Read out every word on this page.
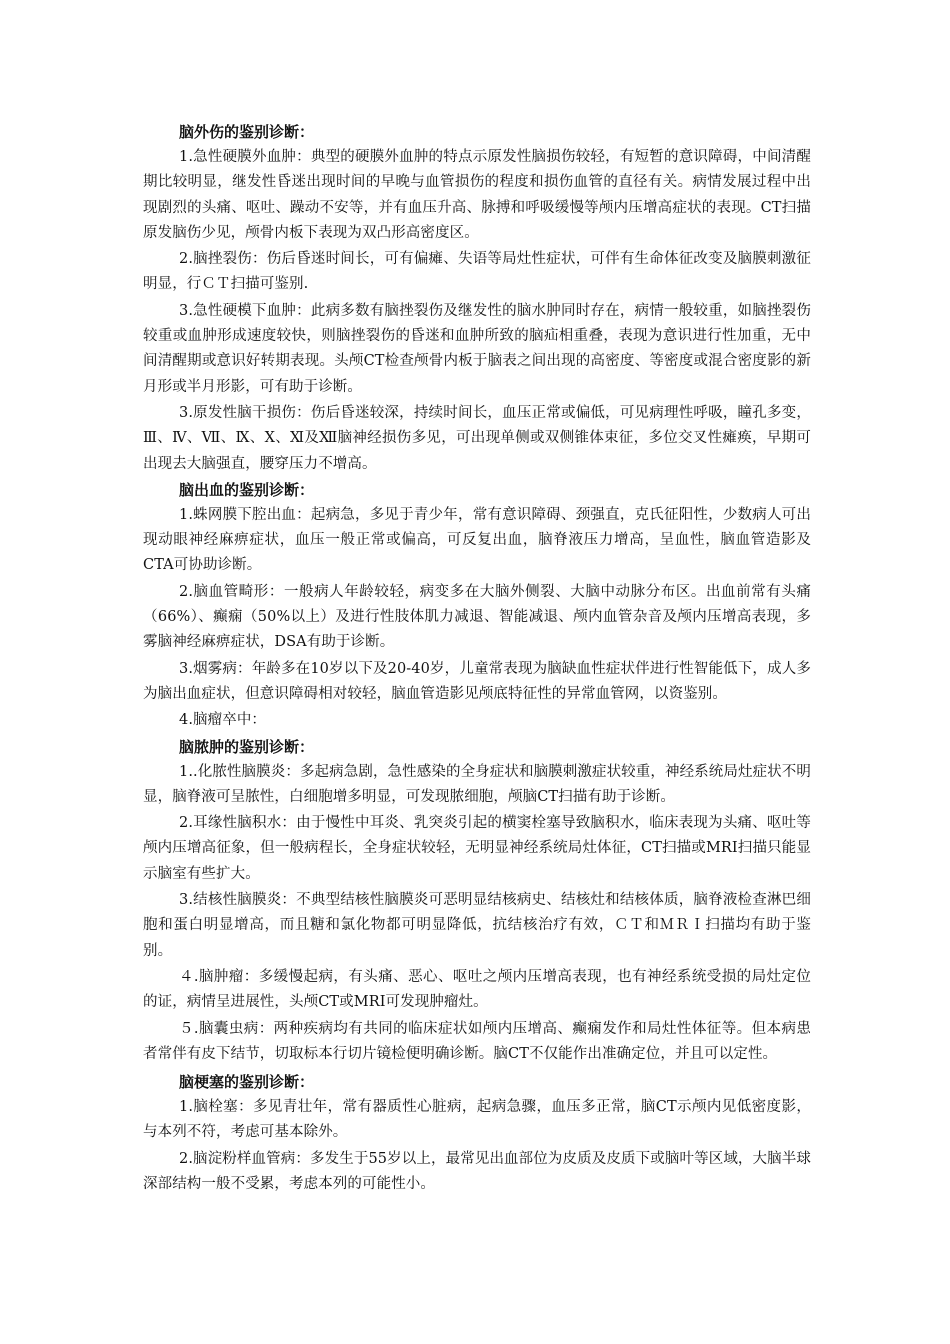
脑外伤的鉴别诊断：

1.急性硬膜外血肿：典型的硬膜外血肿的特点示原发性脑损伤较轻，有短暂的意识障碍，中间清醒期比较明显，继发性昏迷出现时间的早晚与血管损伤的程度和损伤血管的直径有关。病情发展过程中出现剧烈的头痛、呕吐、躁动不安等，并有血压升高、脉搏和呼吸缓慢等颅内压增高症状的表现。CT扫描原发脑伤少见，颅骨内板下表现为双凸形高密度区。

2.脑挫裂伤：伤后昏迷时间长，可有偏瘫、失语等局灶性症状，可伴有生命体征改变及脑膜刺激征明显，行ＣＴ扫描可鉴别.

3.急性硬模下血肿：此病多数有脑挫裂伤及继发性的脑水肿同时存在，病情一般较重，如脑挫裂伤较重或血肿形成速度较快，则脑挫裂伤的昏迷和血肿所致的脑疝相重叠，表现为意识进行性加重，无中间清醒期或意识好转期表现。头颅CT检查颅骨内板于脑表之间出现的高密度、等密度或混合密度影的新月形或半月形影，可有助于诊断。

3.原发性脑干损伤：伤后昏迷较深，持续时间长，血压正常或偏低，可见病理性呼吸，瞳孔多变，Ⅲ、Ⅳ、Ⅶ、Ⅸ、Ⅹ、Ⅺ及Ⅻ脑神经损伤多见，可出现单侧或双侧锥体束征，多位交叉性瘫痪，早期可出现去大脑强直，腰穿压力不增高。

脑出血的鉴别诊断：

1.蛛网膜下腔出血：起病急，多见于青少年，常有意识障碍、颈强直，克氏征阳性，少数病人可出现动眼神经麻痹症状，血压一般正常或偏高，可反复出血，脑脊液压力增高，呈血性，脑血管造影及CTA可协助诊断。

2.脑血管畸形：一般病人年龄较轻，病变多在大脑外侧裂、大脑中动脉分布区。出血前常有头痛（66%）、癫痫（50%以上）及进行性肢体肌力减退、智能减退、颅内血管杂音及颅内压增高表现，多雾脑神经麻痹症状，DSA有助于诊断。

3.烟雾病：年龄多在10岁以下及20-40岁，儿童常表现为脑缺血性症状伴进行性智能低下，成人多为脑出血症状，但意识障碍相对较轻，脑血管造影见颅底特征性的异常血管网，以资鉴别。

4.脑瘤卒中：

脑脓肿的鉴别诊断：

1..化脓性脑膜炎：多起病急剧，急性感染的全身症状和脑膜刺激症状较重，神经系统局灶症状不明显，脑脊液可呈脓性，白细胞增多明显，可发现脓细胞，颅脑CT扫描有助于诊断。

2.耳缘性脑积水：由于慢性中耳炎、乳突炎引起的横窦栓塞导致脑积水，临床表现为头痛、呕吐等颅内压增高征象，但一般病程长，全身症状较轻，无明显神经系统局灶体征，CT扫描或MRI扫描只能显示脑室有些扩大。

3.结核性脑膜炎：不典型结核性脑膜炎可恶明显结核病史、结核灶和结核体质，脑脊液检查淋巴细胞和蛋白明显增高，而且糖和氯化物都可明显降低，抗结核治疗有效，ＣＴ和ＭＲＩ扫描均有助于鉴别。

４.脑肿瘤：多缓慢起病，有头痛、恶心、呕吐之颅内压增高表现，也有神经系统受损的局灶定位的证，病情呈进展性，头颅CT或MRI可发现肿瘤灶。

５.脑囊虫病：两种疾病均有共同的临床症状如颅内压增高、癫痫发作和局灶性体征等。但本病患者常伴有皮下结节，切取标本行切片镜检便明确诊断。脑CT不仅能作出准确定位，并且可以定性。

脑梗塞的鉴别诊断：

1.脑栓塞：多见青壮年，常有器质性心脏病，起病急骤，血压多正常，脑CT示颅内见低密度影，与本列不符，考虑可基本除外。

2.脑淀粉样血管病：多发生于55岁以上，最常见出血部位为皮质及皮质下或脑叶等区域，大脑半球深部结构一般不受累，考虑本列的可能性小。
